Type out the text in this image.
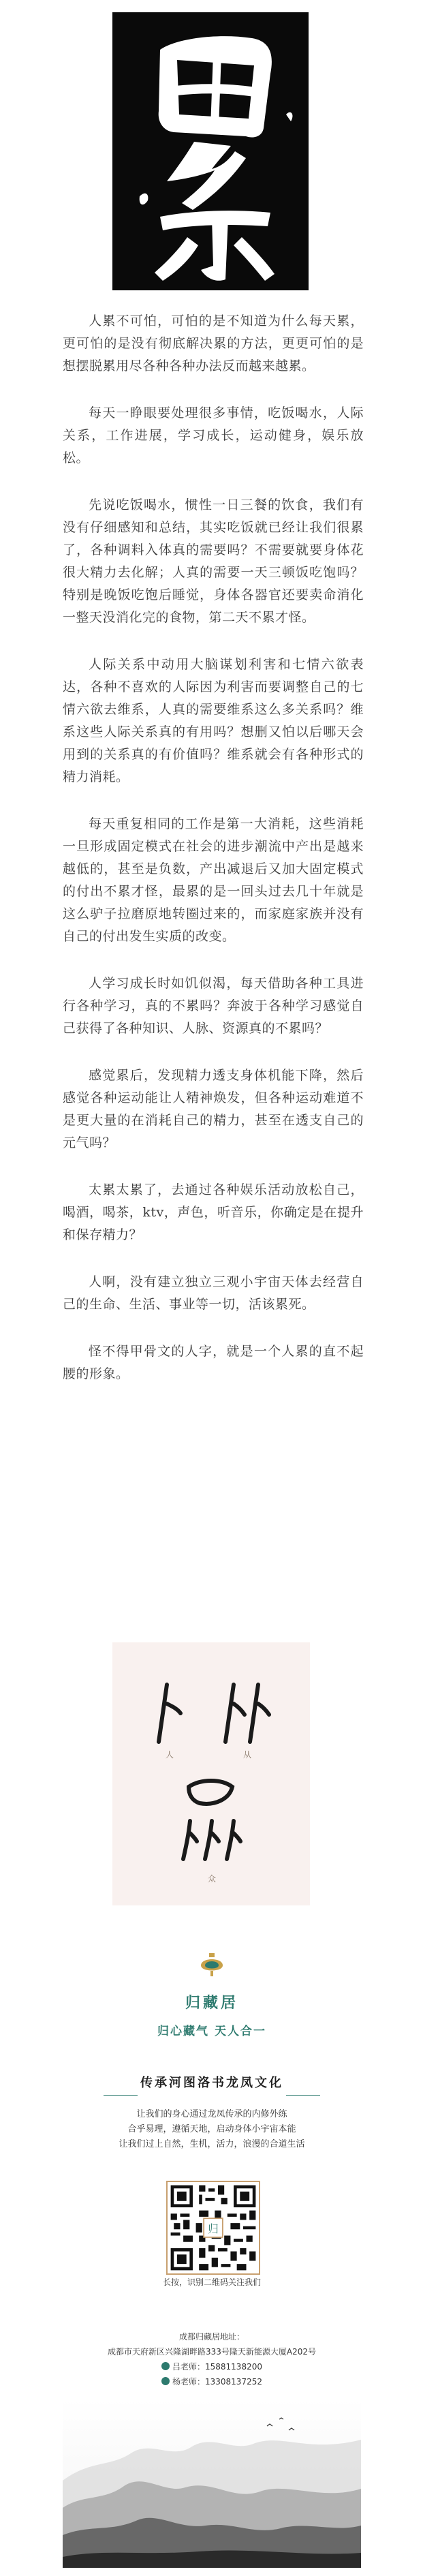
人累不可怕，可怕的是不知道为什么每天累，更可怕的是没有彻底解决累的方法，更更可怕的是想摆脱累用尽各种各种办法反而越来越累。

每天一睁眼要处理很多事情，吃饭喝水，人际关系，工作进展，学习成长，运动健身，娱乐放松。

先说吃饭喝水，惯性一日三餐的饮食，我们有没有仔细感知和总结，其实吃饭就已经让我们很累了，各种调料入体真的需要吗？不需要就要身体花很大精力去化解；人真的需要一天三顿饭吃饱吗？特别是晚饭吃饱后睡觉，身体各器官还要卖命消化一整天没消化完的食物，第二天不累才怪。

人际关系中动用大脑谋划利害和七情六欲表达，各种不喜欢的人际因为利害而要调整自己的七情六欲去维系，人真的需要维系这么多关系吗？维系这些人际关系真的有用吗？想删又怕以后哪天会用到的关系真的有价值吗？维系就会有各种形式的精力消耗。

每天重复相同的工作是第一大消耗，这些消耗一旦形成固定模式在社会的进步潮流中产出是越来越低的，甚至是负数，产出减退后又加大固定模式的付出不累才怪，最累的是一回头过去几十年就是这么驴子拉磨原地转圈过来的，而家庭家族并没有自己的付出发生实质的改变。

人学习成长时如饥似渴，每天借助各种工具进行各种学习，真的不累吗？奔波于各种学习感觉自己获得了各种知识、人脉、资源真的不累吗？

感觉累后，发现精力透支身体机能下降，然后感觉各种运动能让人精神焕发，但各种运动难道不是更大量的在消耗自己的精力，甚至在透支自己的元气吗？

太累太累了，去通过各种娱乐活动放松自己，喝酒，喝茶，ktv，声色，听音乐，你确定是在提升和保存精力？

人啊，没有建立独立三观小宇宙天体去经营自己的生命、生活、事业等一切，活该累死。

怪不得甲骨文的人字，就是一个人累的直不起腰的形象。

人	从
众
归藏居
归心藏气 天人合一
传承河图洛书龙凤文化
让我们的身心通过龙凤传承的内修外练
合乎易理，遵循天地，启动身体小宇宙本能
让我们过上自然，生机，活力，浪漫的合道生活
归
长按，识别二维码关注我们
成都归藏居地址：
成都市天府新区兴隆湖畔路333号隆天新能源大厦A202号
吕老师：15881138200
杨老师：13308137252
